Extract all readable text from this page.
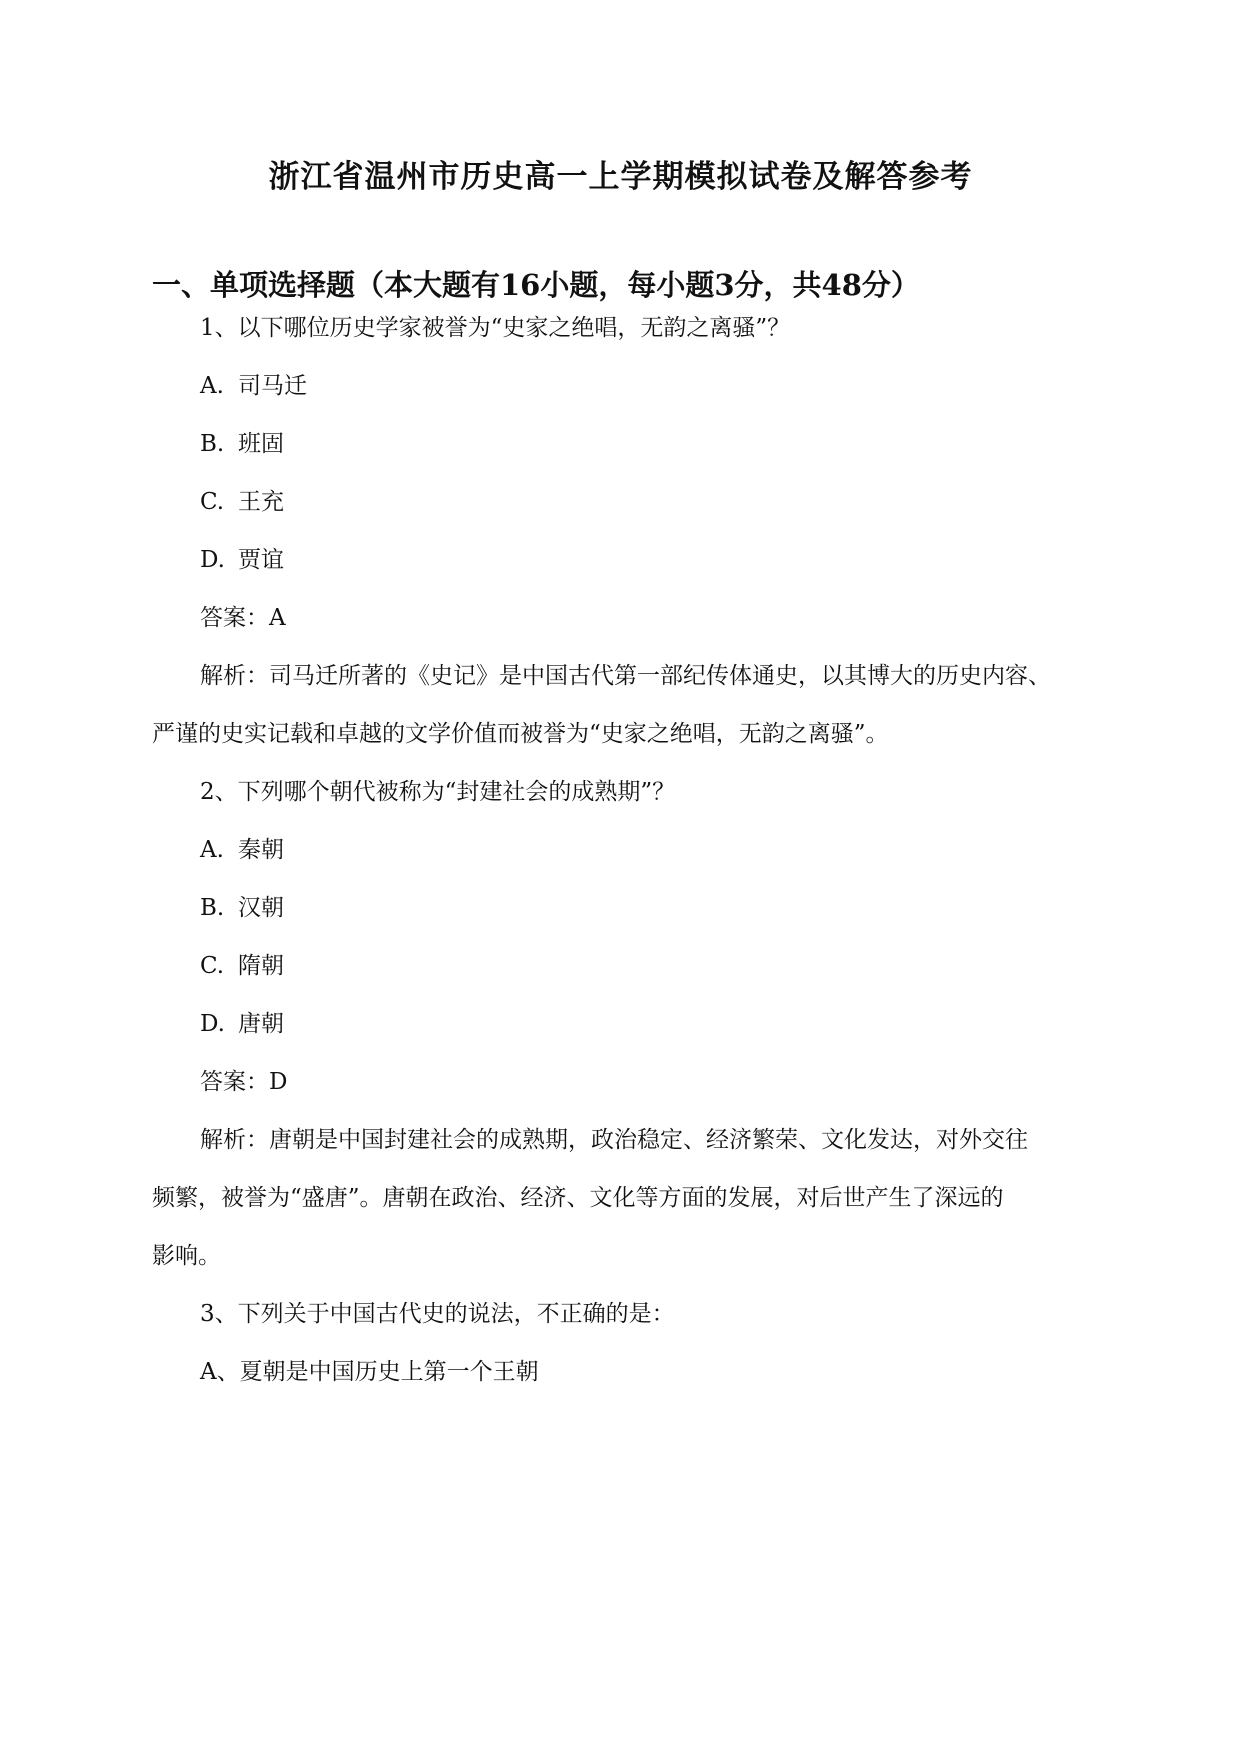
浙江省温州市历史高一上学期模拟试卷及解答参考
一、单项选择题（本大题有16小题，每小题3分，共48分）
1、以下哪位历史学家被誉为“史家之绝唱，无韵之离骚”？
A. 司马迁
B. 班固
C. 王充
D. 贾谊
答案：A
解析：司马迁所著的《史记》是中国古代第一部纪传体通史，以其博大的历史内容、
严谨的史实记载和卓越的文学价值而被誉为“史家之绝唱，无韵之离骚”。
2、下列哪个朝代被称为“封建社会的成熟期”？
A. 秦朝
B. 汉朝
C. 隋朝
D. 唐朝
答案：D
解析：唐朝是中国封建社会的成熟期，政治稳定、经济繁荣、文化发达，对外交往
频繁，被誉为“盛唐”。唐朝在政治、经济、文化等方面的发展，对后世产生了深远的
影响。
3、下列关于中国古代史的说法，不正确的是：
A、夏朝是中国历史上第一个王朝
